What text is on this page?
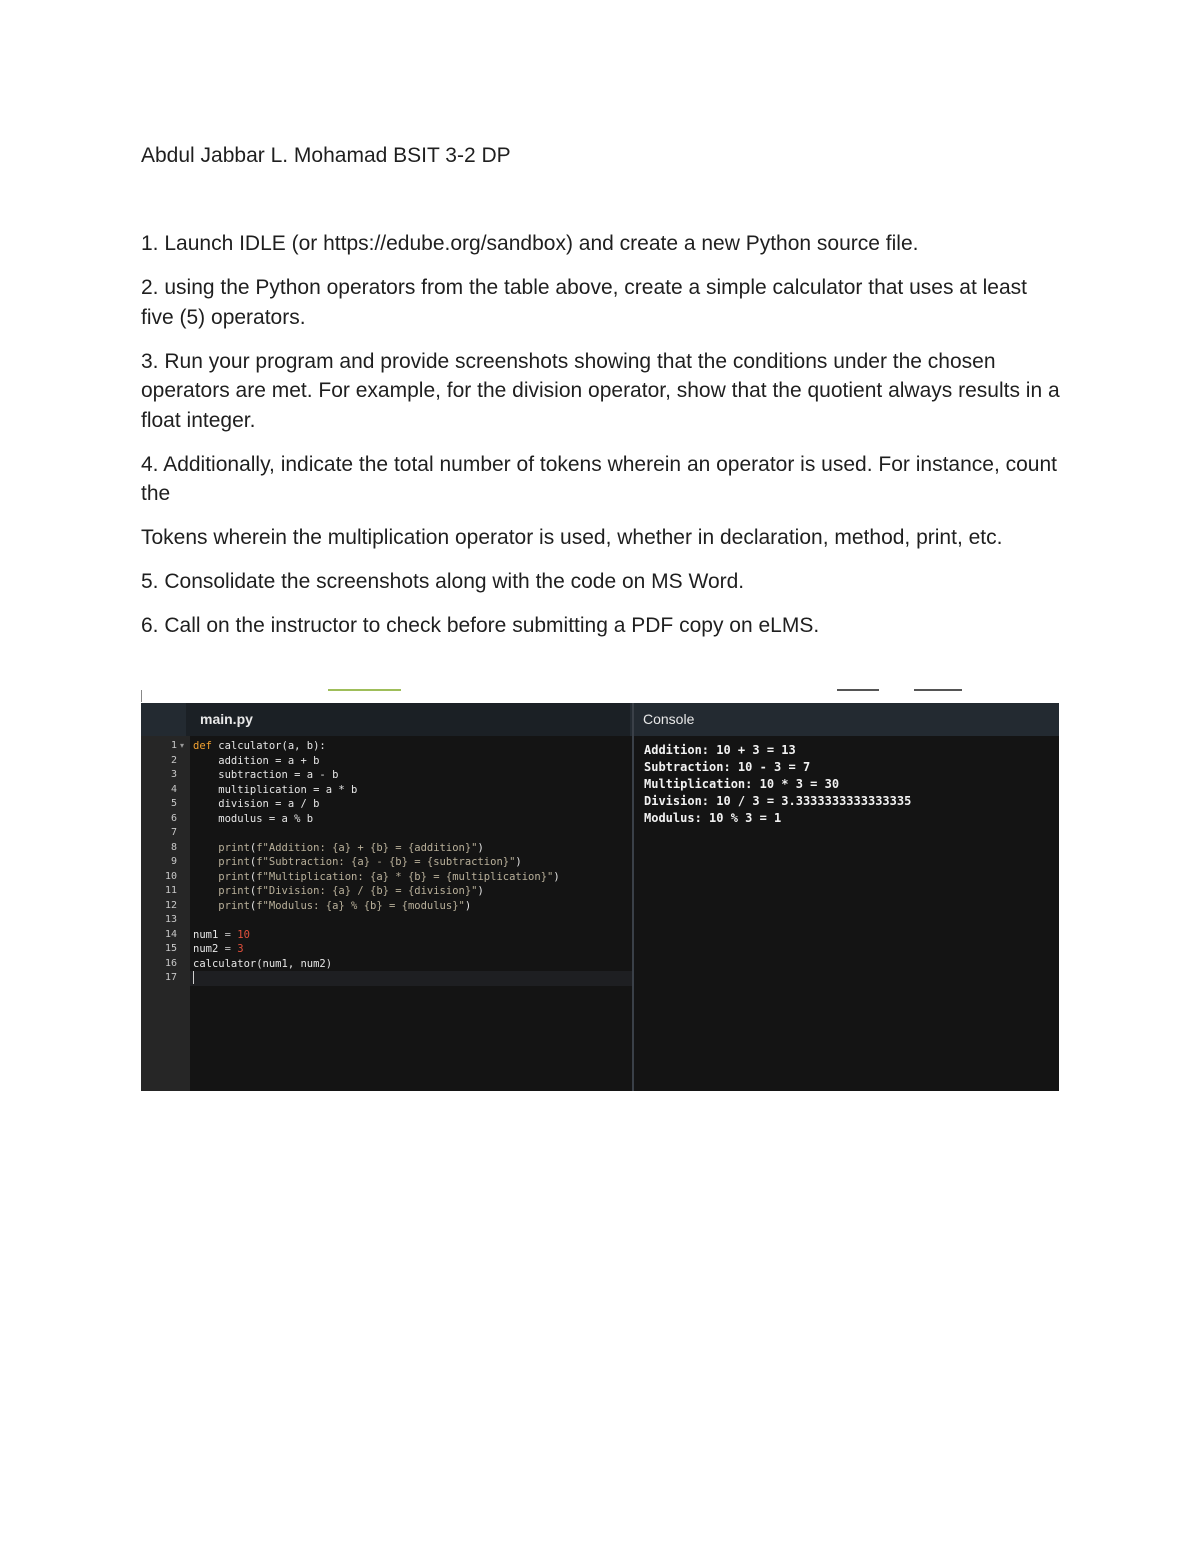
Abdul Jabbar L. Mohamad BSIT 3-2 DP

1. Launch IDLE (or https://edube.org/sandbox) and create a new Python source file.

2. using the Python operators from the table above, create a simple calculator that uses at least five (5) operators.

3. Run your program and provide screenshots showing that the conditions under the chosen operators are met. For example, for the division operator, show that the quotient always results in a float integer.

4. Additionally, indicate the total number of tokens wherein an operator is used. For instance, count the

Tokens wherein the multiplication operator is used, whether in declaration, method, print, etc.

5. Consolidate the screenshots along with the code on MS Word.

6. Call on the instructor to check before submitting a PDF copy on eLMS.

main.py	Console
1
2
3
4
5
6
7
8
9
10
11
12
13
14
15
16
17
▾ def calculator(a, b):
addition = a + b
subtraction = a - b
multiplication = a * b
division = a / b
modulus = a % b
print(f"Addition: {a} + {b} = {addition}")
print(f"Subtraction: {a} - {b} = {subtraction}")
print(f"Multiplication: {a} * {b} = {multiplication}")
print(f"Division: {a} / {b} = {division}")
print(f"Modulus: {a} % {b} = {modulus}")
num1 = 10
num2 = 3
calculator(num1, num2)
Addition: 10 + 3 = 13
Subtraction: 10 - 3 = 7
Multiplication: 10 * 3 = 30
Division: 10 / 3 = 3.3333333333333335
Modulus: 10 % 3 = 1
